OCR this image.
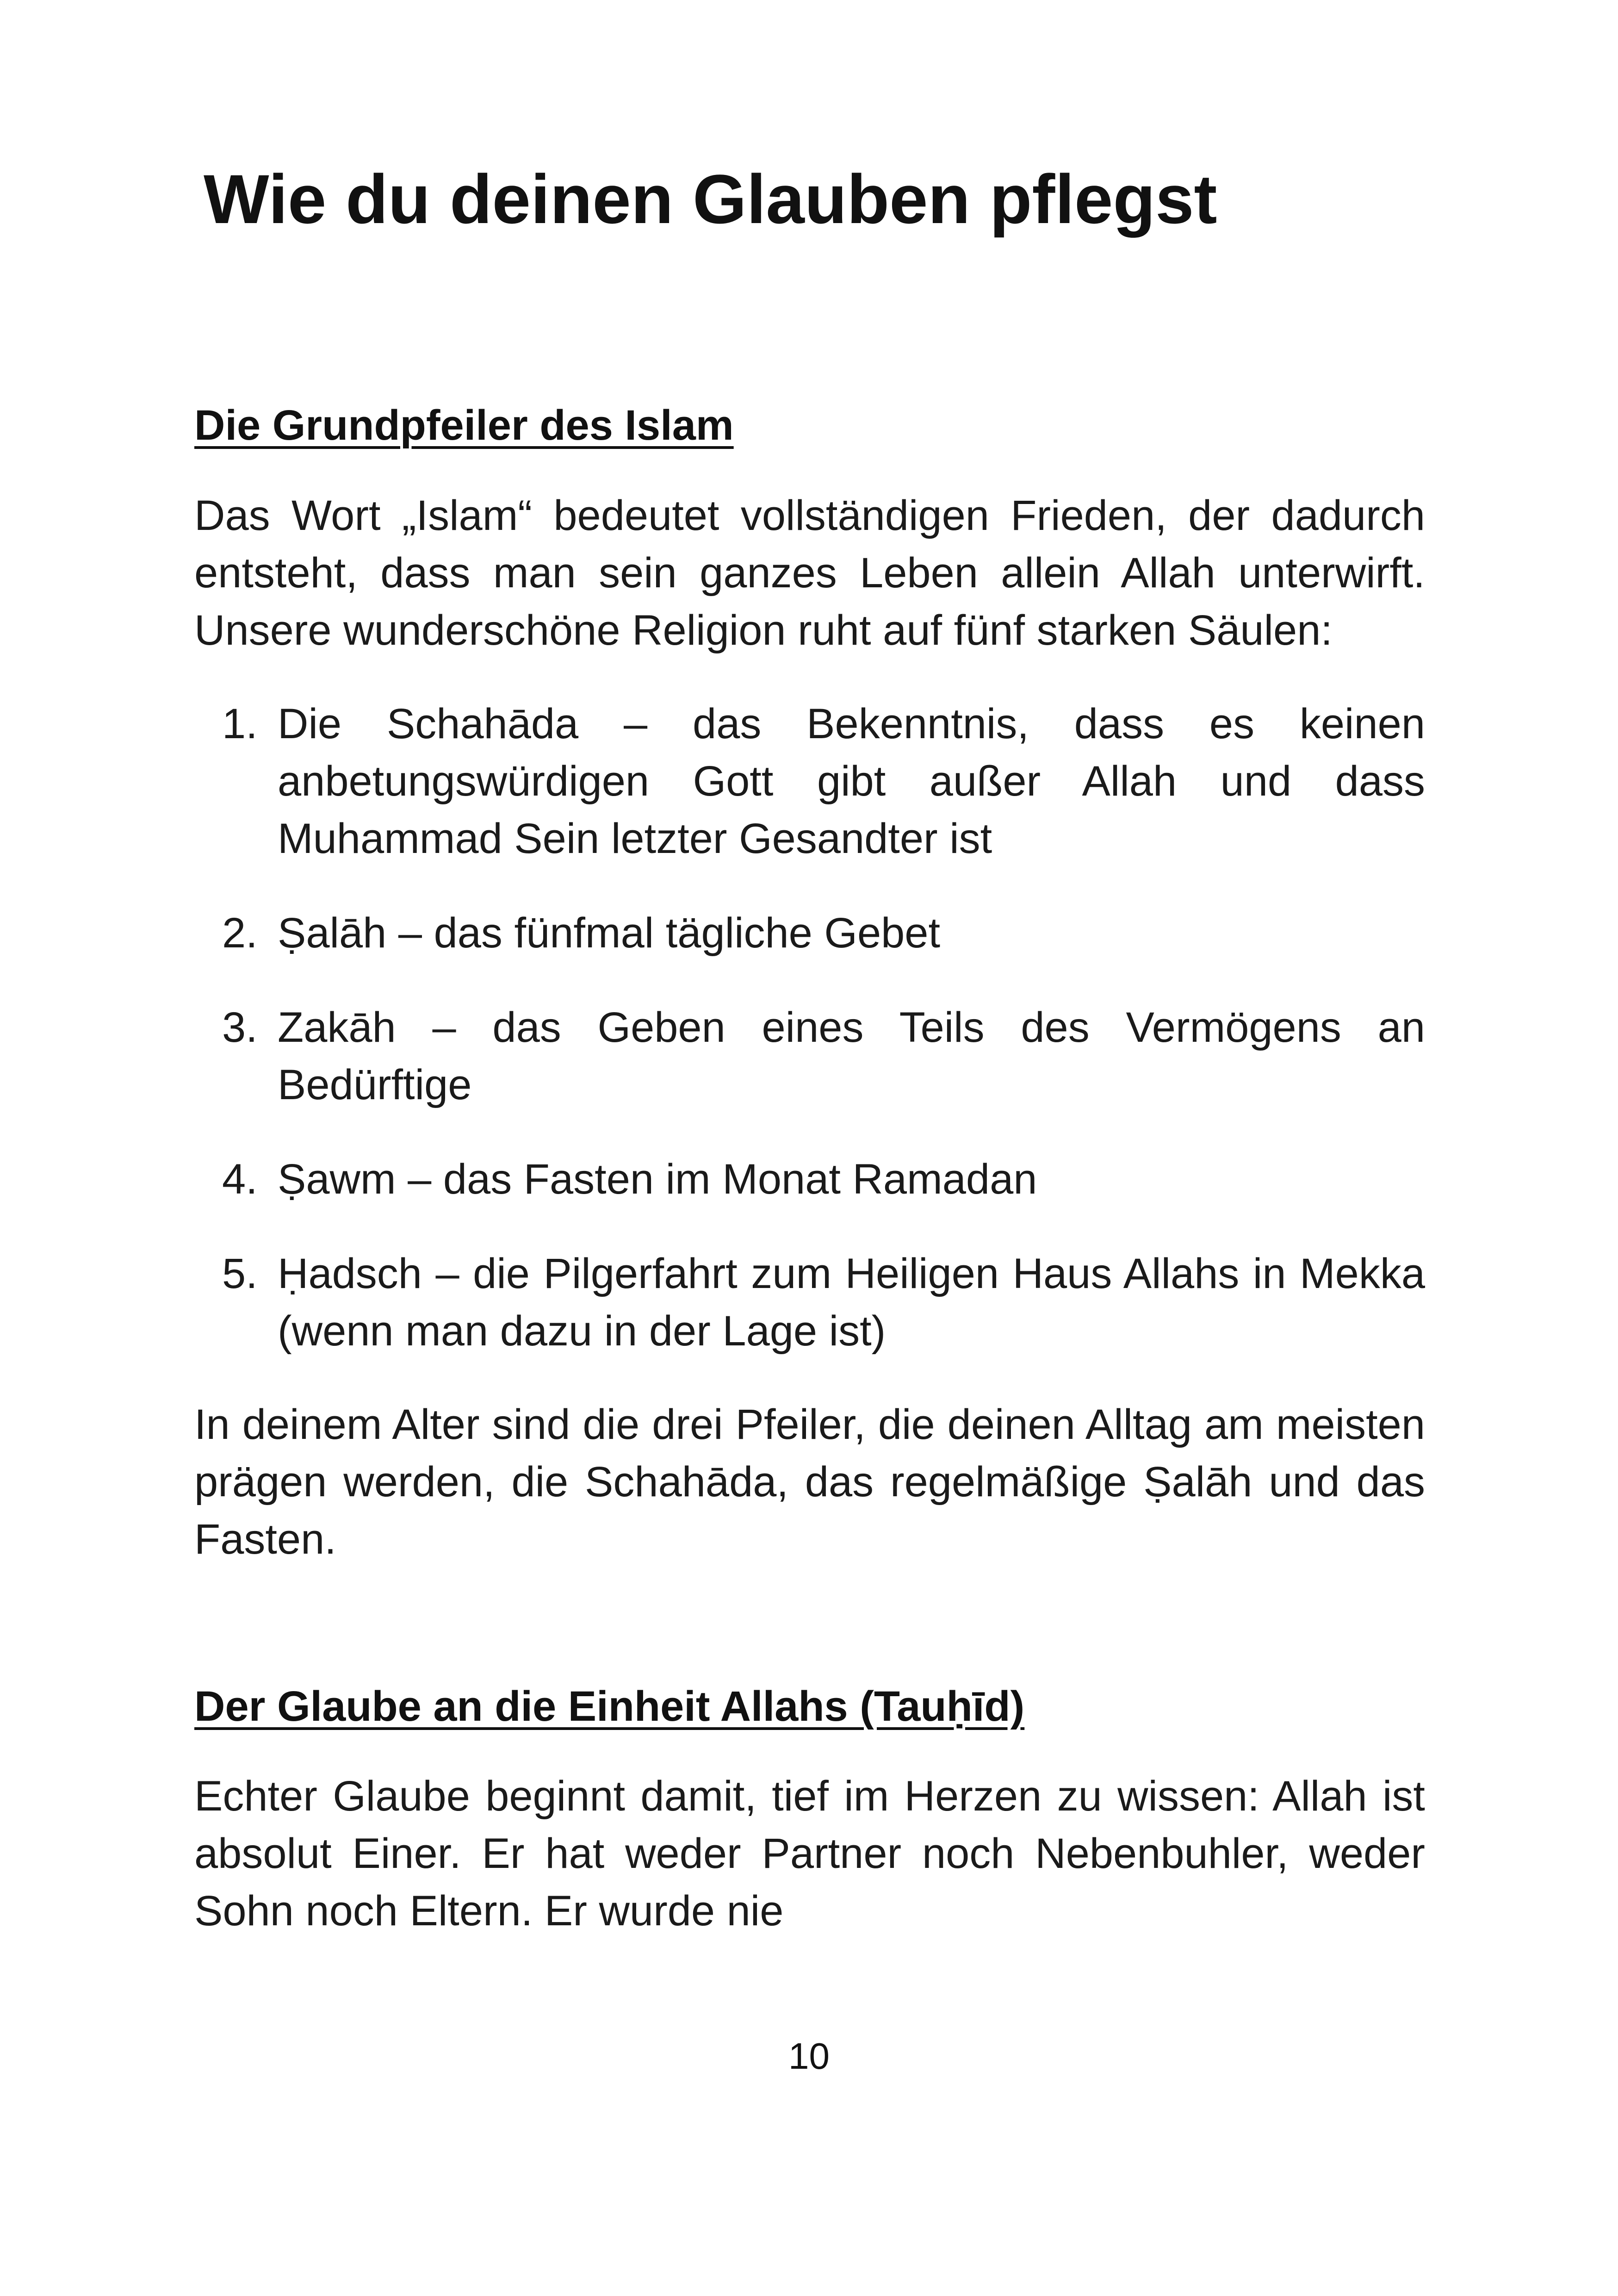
Wie du deinen Glauben pflegst
Die Grundpfeiler des Islam

Das Wort „Islam“ bedeutet vollständigen Frieden, der dadurch entsteht, dass man sein ganzes Leben allein Allah unterwirft. Unsere wunderschöne Religion ruht auf fünf starken Säulen:

1. Die Schahāda – das Bekenntnis, dass es keinen anbetungswürdigen Gott gibt außer Allah und dass Muhammad Sein letzter Gesandter ist
2. Ṣalāh – das fünfmal tägliche Gebet
3. Zakāh – das Geben eines Teils des Vermögens an Bedürftige
4. Ṣawm – das Fasten im Monat Ramadan
5. Ḥadsch – die Pilgerfahrt zum Heiligen Haus Allahs in Mekka (wenn man dazu in der Lage ist)

In deinem Alter sind die drei Pfeiler, die deinen Alltag am meisten prägen werden, die Schahāda, das regelmäßige Ṣalāh und das Fasten.

Der Glaube an die Einheit Allahs (Tauḥīd)

Echter Glaube beginnt damit, tief im Herzen zu wissen: Allah ist absolut Einer. Er hat weder Partner noch Nebenbuhler, weder Sohn noch Eltern. Er wurde nie

10
